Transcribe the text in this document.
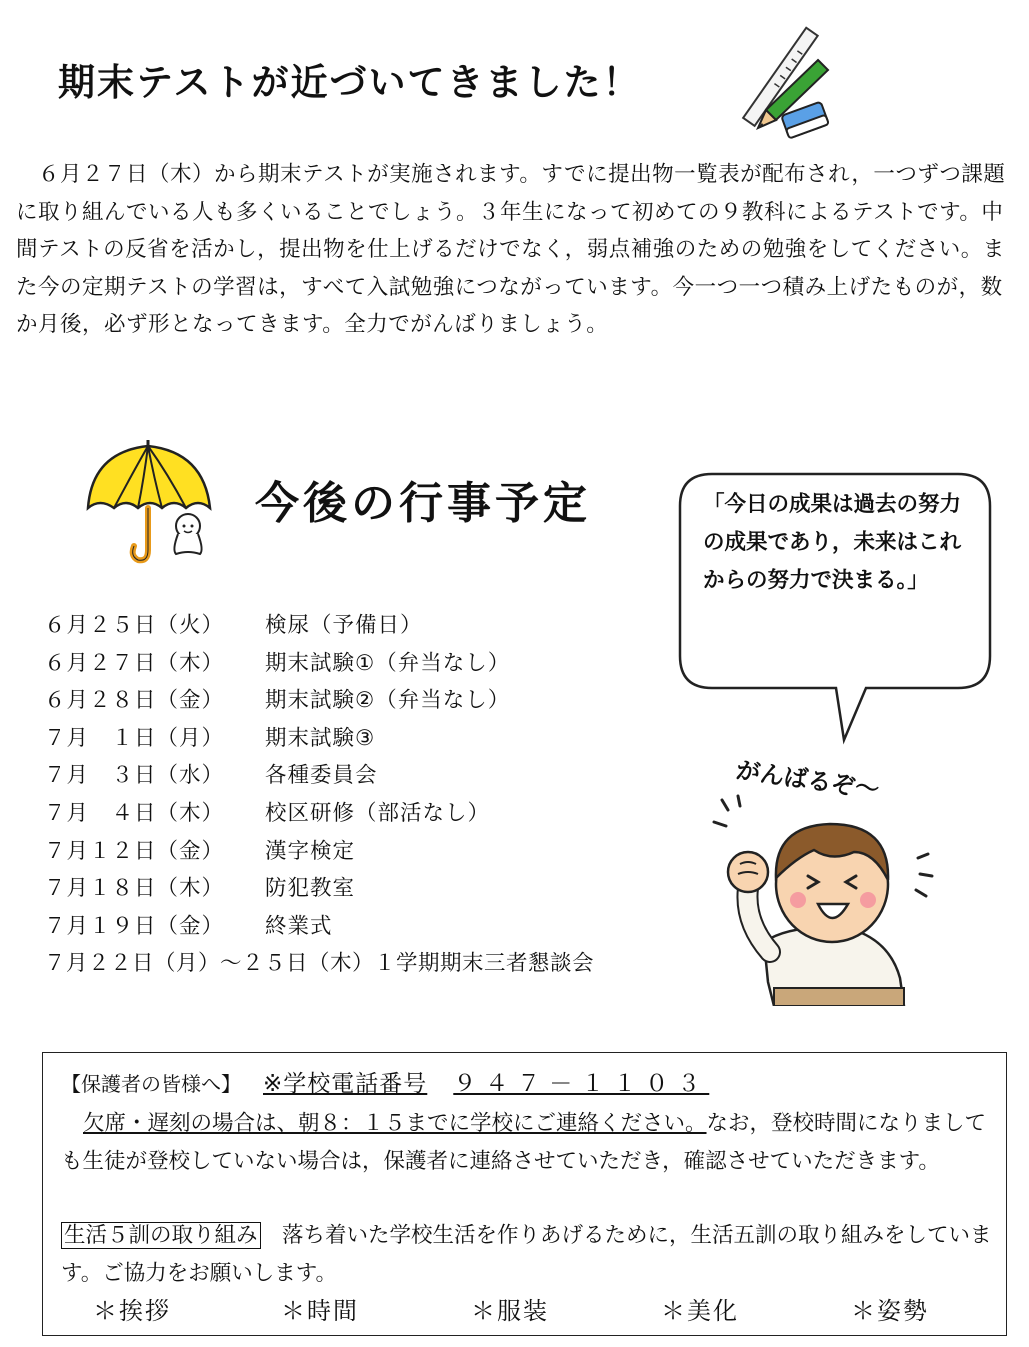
期末テストが近づいてきました！

　６月２７日（木）から期末テストが実施されます。すでに提出物一覧表が配布され，一つずつ課題に取り組んでいる人も多くいることでしょう。３年生になって初めての９教科によるテストです。中間テストの反省を活かし，提出物を仕上げるだけでなく，弱点補強のための勉強をしてください。また今の定期テストの学習は，すべて入試勉強につながっています。今一つ一つ積み上げたものが，数か月後，必ず形となってきます。全力でがんばりましょう。

今後の行事予定	「今日の成果は過去の努力の成果であり，未来はこれからの努力で決まる。」
がんばるぞ～
６月２５日（火） 検尿（予備日）
６月２７日（木） 期末試験①（弁当なし）
６月２８日（金） 期末試験②（弁当なし）
７月　１日（月） 期末試験③
７月　３日（水） 各種委員会
７月　４日（木） 校区研修（部活なし）
７月１２日（金） 漢字検定
７月１８日（木） 防犯教室
７月１９日（金） 終業式
７月２２日（月）～２５日（木）１学期期末三者懇談会
【保護者の皆様へ】 ※学校電話番号 ９４７－１１０３
欠席・遅刻の場合は、朝８：１５までに学校にご連絡ください。なお，登校時間になりましても生徒が登校していない場合は，保護者に連絡させていただき，確認させていただきます。
生活５訓の取り組み　落ち着いた学校生活を作りあげるために，生活五訓の取り組みをしています。ご協力をお願いします。
＊挨拶	＊時間	＊服装	＊美化	＊姿勢
